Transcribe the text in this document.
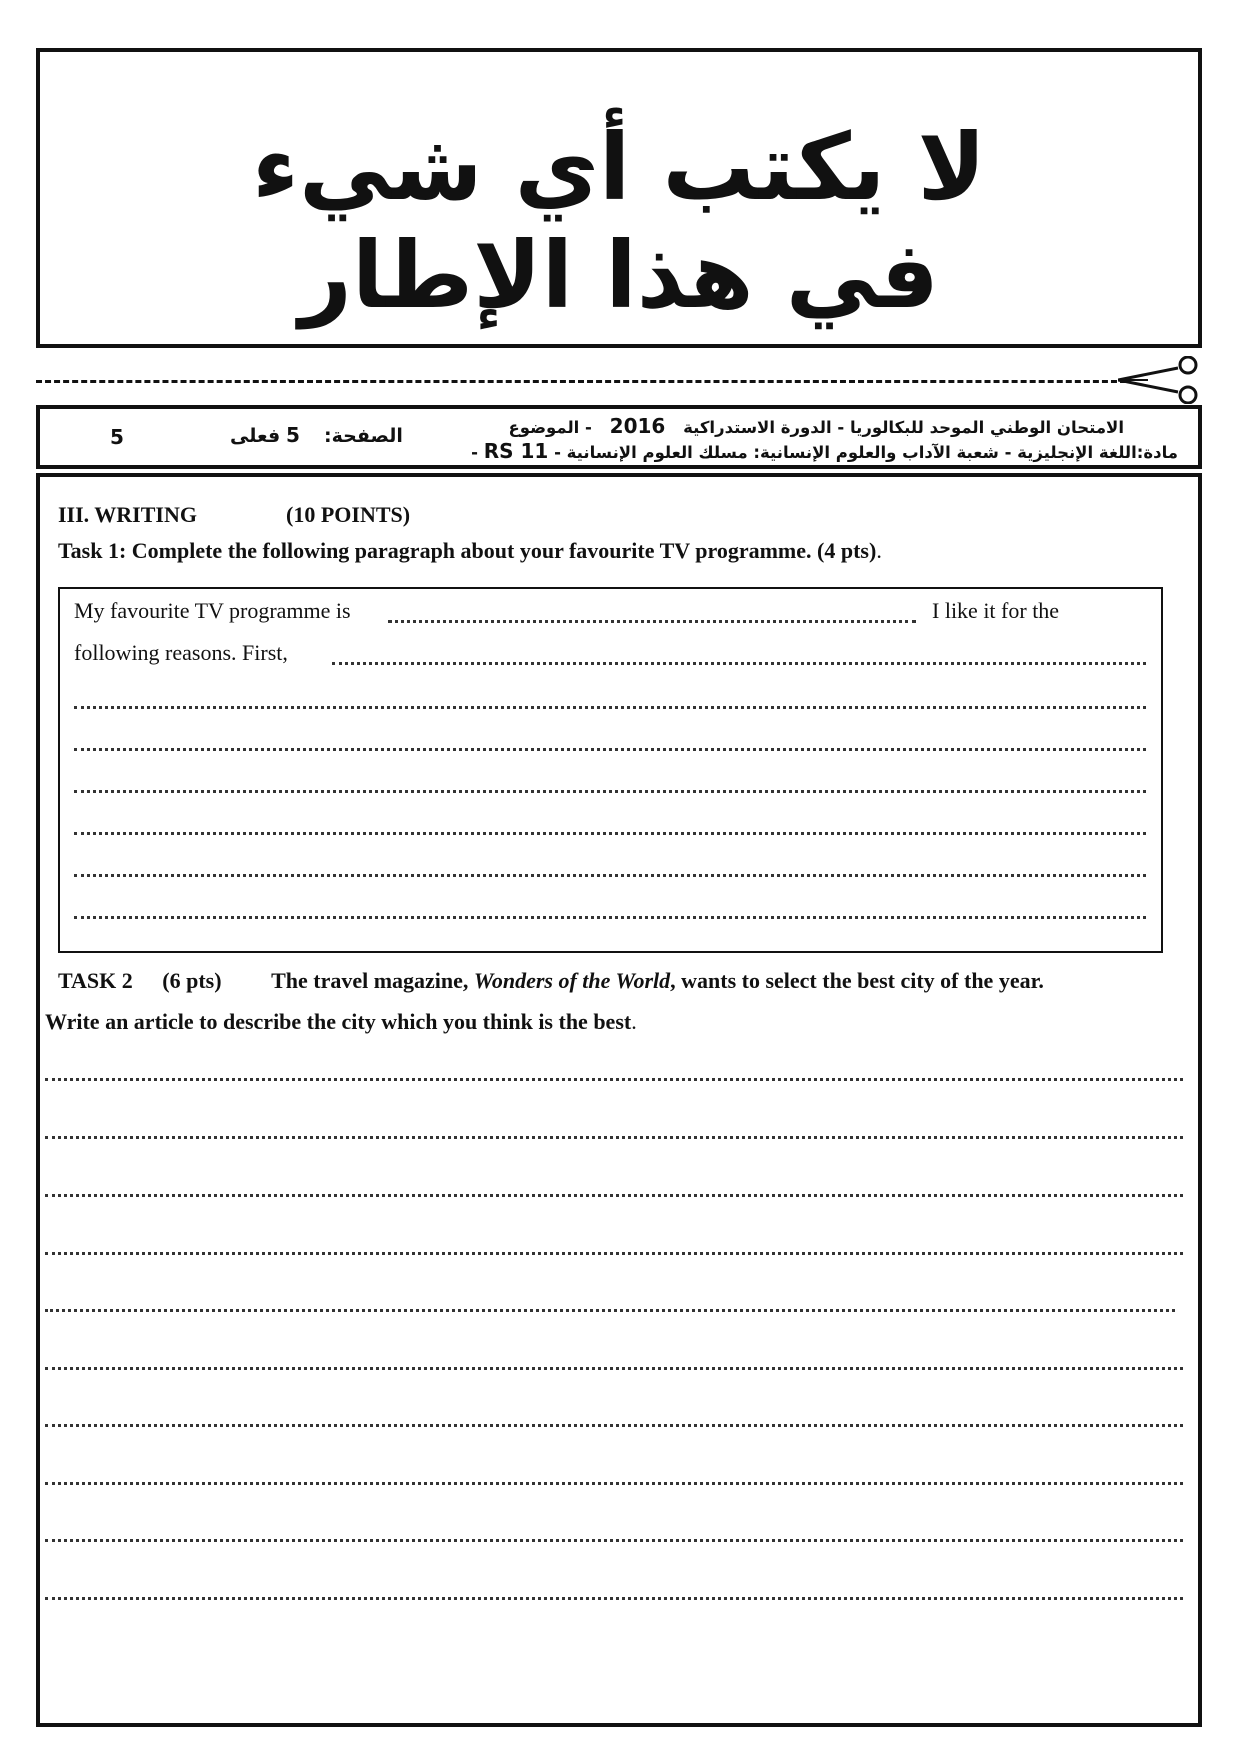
لا يكتب أي شيء
في هذا الإطار
5	فعلى 5 الصفحة:	الامتحان الوطني الموحد للبكالوريا - الدورة الاستدراكية 2016 - الموضوع
مادة:اللغة الإنجليزية - شعبة الآداب والعلوم الإنسانية: مسلك العلوم الإنسانية - RS 11 -
III. WRITING	(10 POINTS)
Task 1: Complete the following paragraph about your favourite TV programme. (4 pts).
My favourite TV programme is	I like it for the
following reasons. First,
TASK 2 (6 pts) The travel magazine, Wonders of the World, wants to select the best city of the year.
Write an article to describe the city which you think is the best.
